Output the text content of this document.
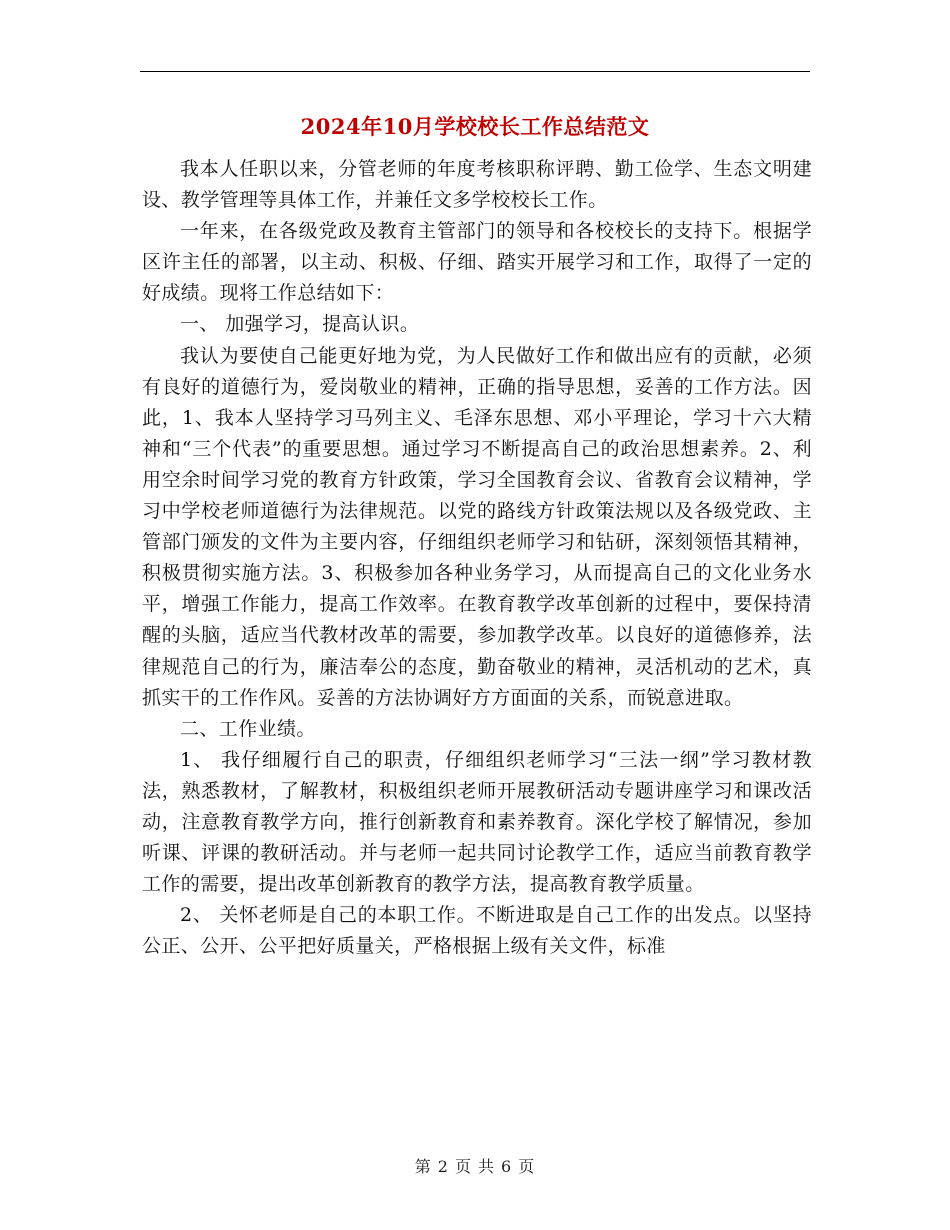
2024年10月学校校长工作总结范文

我本人任职以来，分管老师的年度考核职称评聘、勤工俭学、生态文明建设、教学管理等具体工作，并兼任文多学校校长工作。

一年来，在各级党政及教育主管部门的领导和各校校长的支持下。根据学区许主任的部署，以主动、积极、仔细、踏实开展学习和工作，取得了一定的好成绩。现将工作总结如下：

一、 加强学习，提高认识。

我认为要使自己能更好地为党，为人民做好工作和做出应有的贡献，必须有良好的道德行为，爱岗敬业的精神，正确的指导思想，妥善的工作方法。因此，1、我本人坚持学习马列主义、毛泽东思想、邓小平理论，学习十六大精神和“三个代表”的重要思想。通过学习不断提高自己的政治思想素养。2、利用空余时间学习党的教育方针政策，学习全国教育会议、省教育会议精神，学习中学校老师道德行为法律规范。以党的路线方针政策法规以及各级党政、主管部门颁发的文件为主要内容，仔细组织老师学习和钻研，深刻领悟其精神，积极贯彻实施方法。3、积极参加各种业务学习，从而提高自己的文化业务水平，增强工作能力，提高工作效率。在教育教学改革创新的过程中，要保持清醒的头脑，适应当代教材改革的需要，参加教学改革。以良好的道德修养，法律规范自己的行为，廉洁奉公的态度，勤奋敬业的精神，灵活机动的艺术，真抓实干的工作作风。妥善的方法协调好方方面面的关系，而锐意进取。

二、工作业绩。

1、 我仔细履行自己的职责，仔细组织老师学习“三法一纲”学习教材教法，熟悉教材，了解教材，积极组织老师开展教研活动专题讲座学习和课改活动，注意教育教学方向，推行创新教育和素养教育。深化学校了解情况，参加听课、评课的教研活动。并与老师一起共同讨论教学工作，适应当前教育教学工作的需要，提出改革创新教育的教学方法，提高教育教学质量。

2、 关怀老师是自己的本职工作。不断进取是自己工作的出发点。以坚持公正、公开、公平把好质量关，严格根据上级有关文件，标准

第 2 页 共 6 页
